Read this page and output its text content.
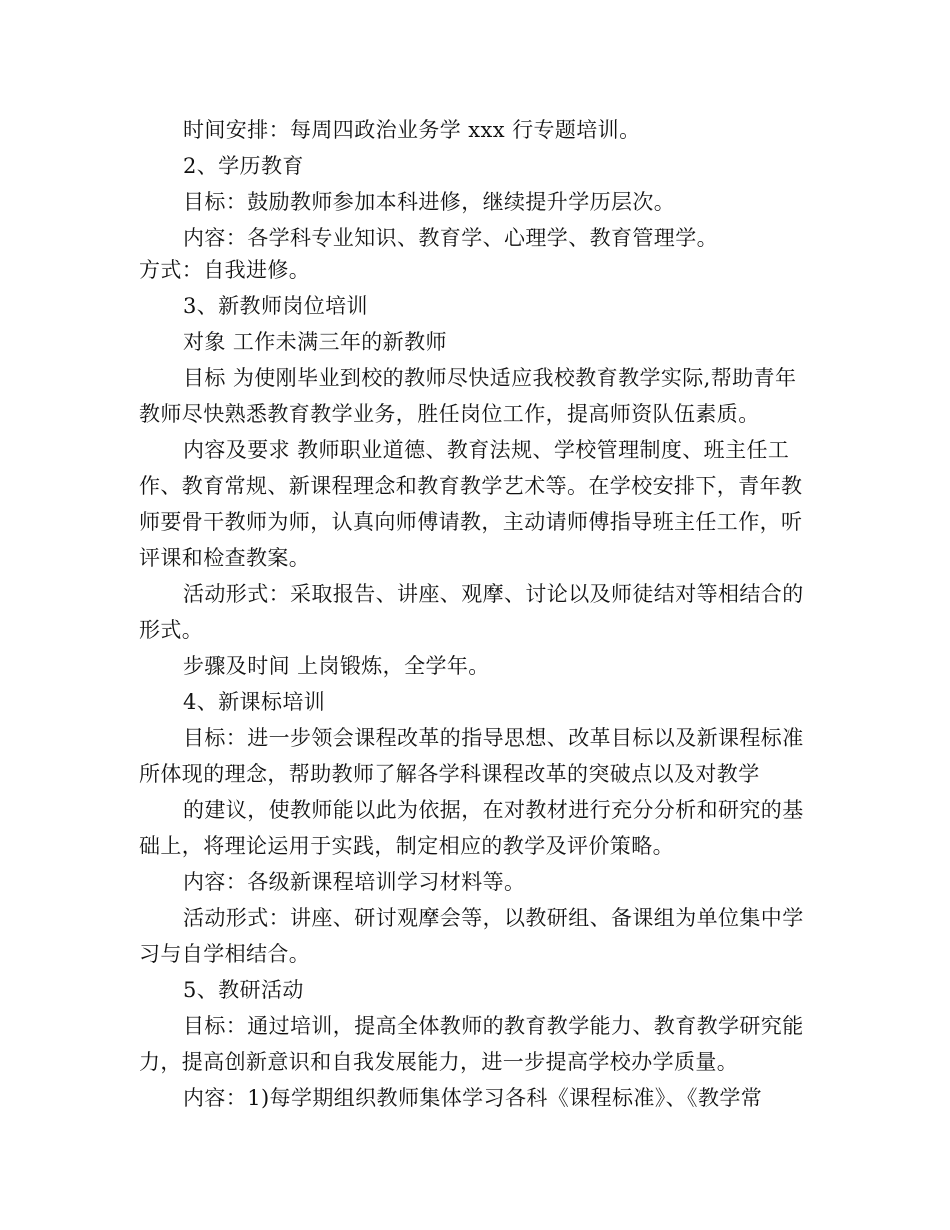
时间安排：每周四政治业务学 xxx 行专题培训。
2、学历教育
目标：鼓励教师参加本科进修，继续提升学历层次。
内容：各学科专业知识、教育学、心理学、教育管理学。
方式：自我进修。
3、新教师岗位培训
对象 工作未满三年的新教师
目标 为使刚毕业到校的教师尽快适应我校教育教学实际,帮助青年
教师尽快熟悉教育教学业务，胜任岗位工作，提高师资队伍素质。
内容及要求 教师职业道德、教育法规、学校管理制度、班主任工
作、教育常规、新课程理念和教育教学艺术等。在学校安排下，青年教
师要骨干教师为师，认真向师傅请教，主动请师傅指导班主任工作，听
评课和检查教案。
活动形式：采取报告、讲座、观摩、讨论以及师徒结对等相结合的
形式。
步骤及时间 上岗锻炼，全学年。
4、新课标培训
目标：进一步领会课程改革的指导思想、改革目标以及新课程标准
所体现的理念，帮助教师了解各学科课程改革的突破点以及对教学
的建议，使教师能以此为依据，在对教材进行充分分析和研究的基
础上，将理论运用于实践，制定相应的教学及评价策略。
内容：各级新课程培训学习材料等。
活动形式：讲座、研讨观摩会等，以教研组、备课组为单位集中学
习与自学相结合。
5、教研活动
目标：通过培训，提高全体教师的教育教学能力、教育教学研究能
力，提高创新意识和自我发展能力，进一步提高学校办学质量。
内容：1)每学期组织教师集体学习各科《课程标准》、《教学常
